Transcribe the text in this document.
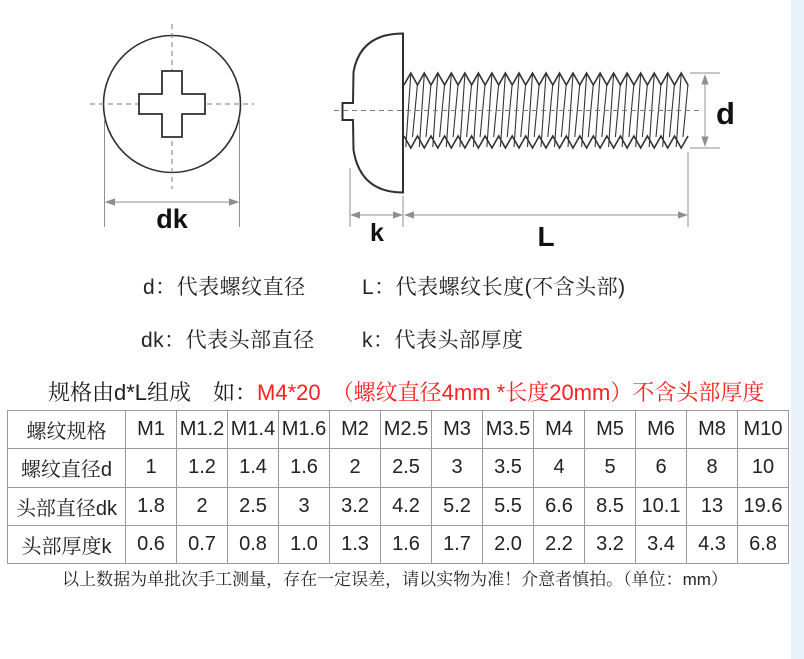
dk
d
k	L
d：代表螺纹直径	L：代表螺纹长度(不含头部)
dk：代表头部直径 k：代表头部厚度
规格由d*L组成　如：M4*20　（螺纹直径4mm *长度20mm）不含头部厚度
螺纹规格	M1	M1.2	M1.4	M1.6	M2	M2.5	M3	M3.5	M4	M5	M6	M8	M10
螺纹直径d	1	1.2	1.4	1.6	2	2.5	3	3.5	4	5	6	8	10
头部直径dk	1.8	2	2.5	3	3.2	4.2	5.2	5.5	6.6	8.5	10.1	13	19.6
头部厚度k	0.6	0.7	0.8	1.0	1.3	1.6	1.7	2.0	2.2	3.2	3.4	4.3	6.8
以上数据为单批次手工测量，存在一定误差，请以实物为准！介意者慎拍。（单位：mm）
